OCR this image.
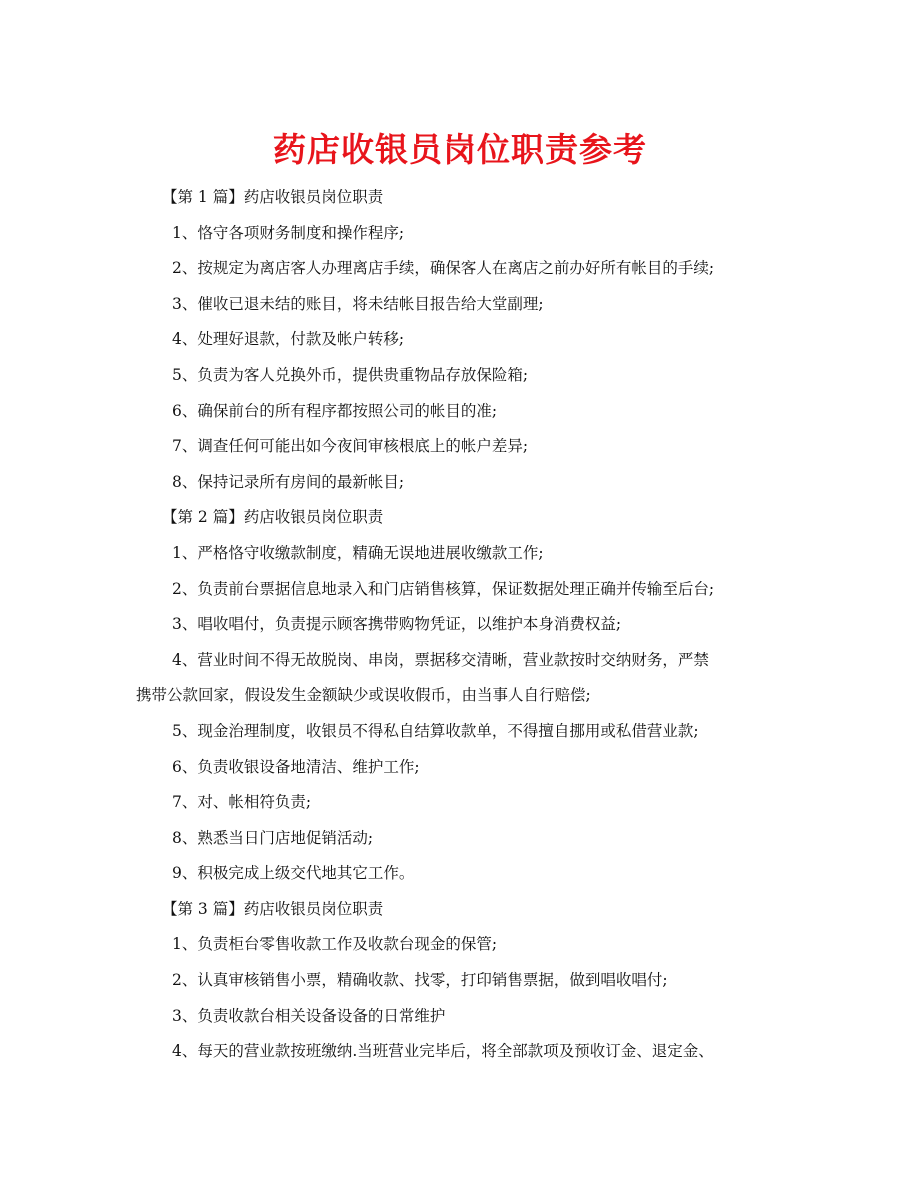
药店收银员岗位职责参考
【第 1 篇】药店收银员岗位职责
1、恪守各项财务制度和操作程序;
2、按规定为离店客人办理离店手续，确保客人在离店之前办好所有帐目的手续;
3、催收已退未结的账目，将未结帐目报告给大堂副理;
4、处理好退款，付款及帐户转移;
5、负责为客人兑换外币，提供贵重物品存放保险箱;
6、确保前台的所有程序都按照公司的帐目的准;
7、调查任何可能出如今夜间审核根底上的帐户差异;
8、保持记录所有房间的最新帐目;
【第 2 篇】药店收银员岗位职责
1、严格恪守收缴款制度，精确无误地进展收缴款工作;
2、负责前台票据信息地录入和门店销售核算，保证数据处理正确并传输至后台;
3、唱收唱付，负责提示顾客携带购物凭证，以维护本身消费权益;
4、营业时间不得无故脱岗、串岗，票据移交清晰，营业款按时交纳财务，严禁
携带公款回家，假设发生金额缺少或误收假币，由当事人自行赔偿;
5、现金治理制度，收银员不得私自结算收款单，不得擅自挪用或私借营业款;
6、负责收银设备地清洁、维护工作;
7、对、帐相符负责;
8、熟悉当日门店地促销活动;
9、积极完成上级交代地其它工作。
【第 3 篇】药店收银员岗位职责
1、负责柜台零售收款工作及收款台现金的保管;
2、认真审核销售小票，精确收款、找零，打印销售票据，做到唱收唱付;
3、负责收款台相关设备设备的日常维护
4、每天的营业款按班缴纳.当班营业完毕后，将全部款项及预收订金、退定金、
